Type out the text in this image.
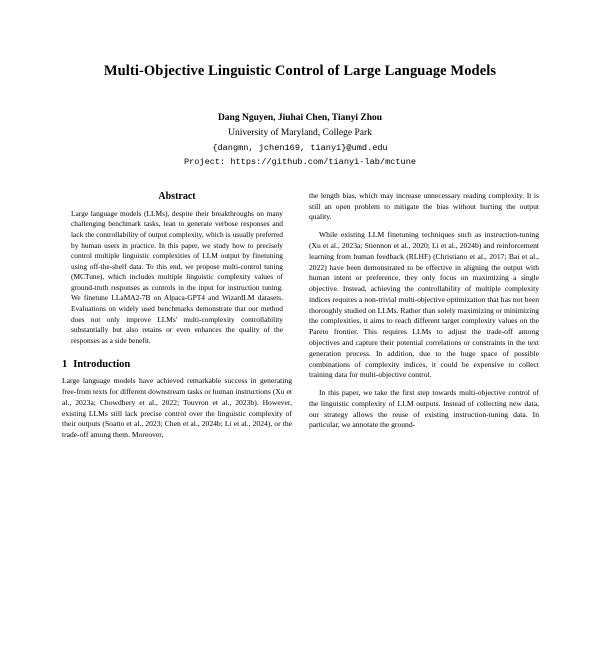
Multi-Objective Linguistic Control of Large Language Models
Dang Nguyen, Jiuhai Chen, Tianyi Zhou
University of Maryland, College Park
{dangmn, jchen169, tianyi}@umd.edu
Project: https://github.com/tianyi-lab/mctune
Abstract

Large language models (LLMs), despite their breakthroughs on many challenging benchmark tasks, lean to generate verbose responses and lack the controllability of output complexity, which is usually preferred by human users in practice. In this paper, we study how to precisely control multiple linguistic complexities of LLM output by finetuning using off-the-shelf data. To this end, we propose multi-control tuning (MCTune), which includes multiple linguistic complexity values of ground-truth responses as controls in the input for instruction tuning. We finetune LLaMA2-7B on Alpaca-GPT4 and WizardLM datasets. Evaluations on widely used benchmarks demonstrate that our method does not only improve LLMs' multi-complexity controllability substantially but also retains or even enhances the quality of the responses as a side benefit.

1 Introduction

Large language models have achieved remarkable success in generating free-from texts for different downstream tasks or human instructions (Xu et al., 2023a; Chowdhery et al., 2022; Touvron et al., 2023b). However, existing LLMs still lack precise control over the linguistic complexity of their outputs (Soatto et al., 2023; Chen et al., 2024b; Li et al., 2024), or the trade-off among them. Moreover,

the length bias, which may increase unnecessary reading complexity. It is still an open problem to mitigate the bias without hurting the output quality.

While existing LLM finetuning techniques such as instruction-tuning (Xu et al., 2023a; Stiennon et al., 2020; Li et al., 2024b) and reinforcement learning from human feedback (RLHF) (Christiano et al., 2017; Bai et al., 2022) have been demonstrated to be effective in aligning the output with human intent or preference, they only focus on maximizing a single objective. Instead, achieving the controllability of multiple complexity indices requires a non-trivial multi-objective optimization that has not been thoroughly studied on LLMs. Rather than solely maximizing or minimizing the complexities, it aims to reach different target complexity values on the Pareto frontier. This requires LLMs to adjust the trade-off among objectives and capture their potential correlations or constraints in the text generation process. In addition, due to the huge space of possible combinations of complexity indices, it could be expensive to collect training data for multi-objective control.

In this paper, we take the first step towards multi-objective control of the linguistic complexity of LLM outputs. Instead of collecting new data, our strategy allows the reuse of existing instruction-tuning data. In particular, we annotate the ground-
